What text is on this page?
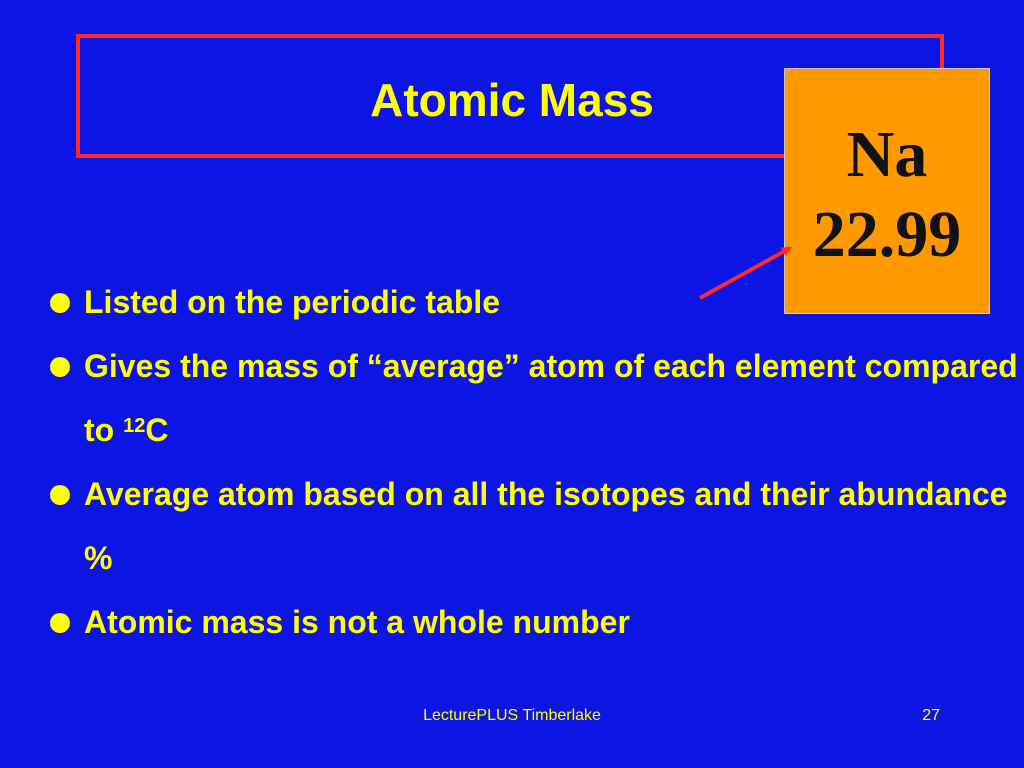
Atomic Mass
Na
22.99
Listed on the periodic table
Gives the mass of “average” atom of each element compared to $^{12}$C
Average atom based on all the isotopes and their abundance %
Atomic mass is not a whole number
LecturePLUS Timberlake	27
